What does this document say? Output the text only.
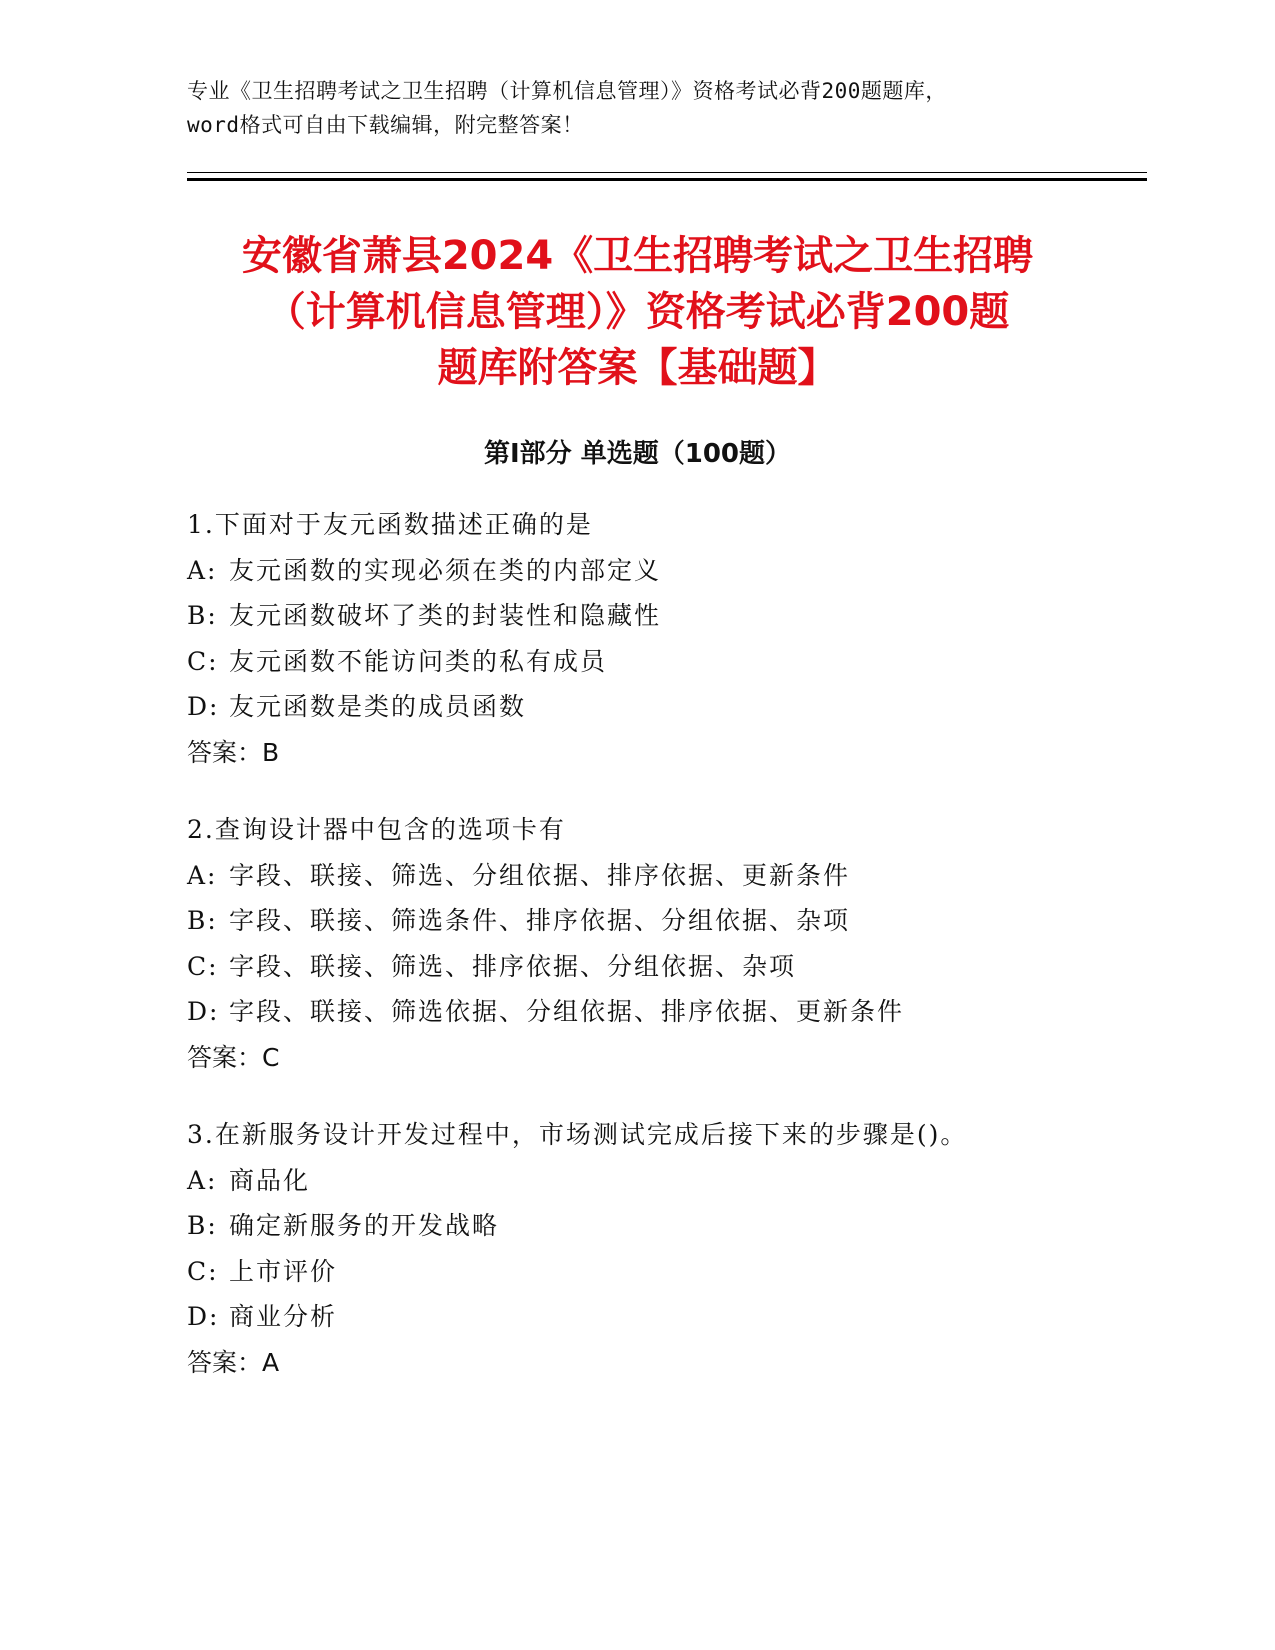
专业《卫生招聘考试之卫生招聘（计算机信息管理）》资格考试必背200题题库，
word格式可自由下载编辑，附完整答案！
安徽省萧县2024《卫生招聘考试之卫生招聘
（计算机信息管理）》资格考试必背200题
题库附答案【基础题】
第Ⅰ部分 单选题（100题）
1.下面对于友元函数描述正确的是
A: 友元函数的实现必须在类的内部定义
B: 友元函数破坏了类的封装性和隐藏性
C: 友元函数不能访问类的私有成员
D: 友元函数是类的成员函数
答案：B
2.查询设计器中包含的选项卡有
A: 字段、联接、筛选、分组依据、排序依据、更新条件
B: 字段、联接、筛选条件、排序依据、分组依据、杂项
C: 字段、联接、筛选、排序依据、分组依据、杂项
D: 字段、联接、筛选依据、分组依据、排序依据、更新条件
答案：C
3.在新服务设计开发过程中，市场测试完成后接下来的步骤是()。
A: 商品化
B: 确定新服务的开发战略
C: 上市评价
D: 商业分析
答案：A
